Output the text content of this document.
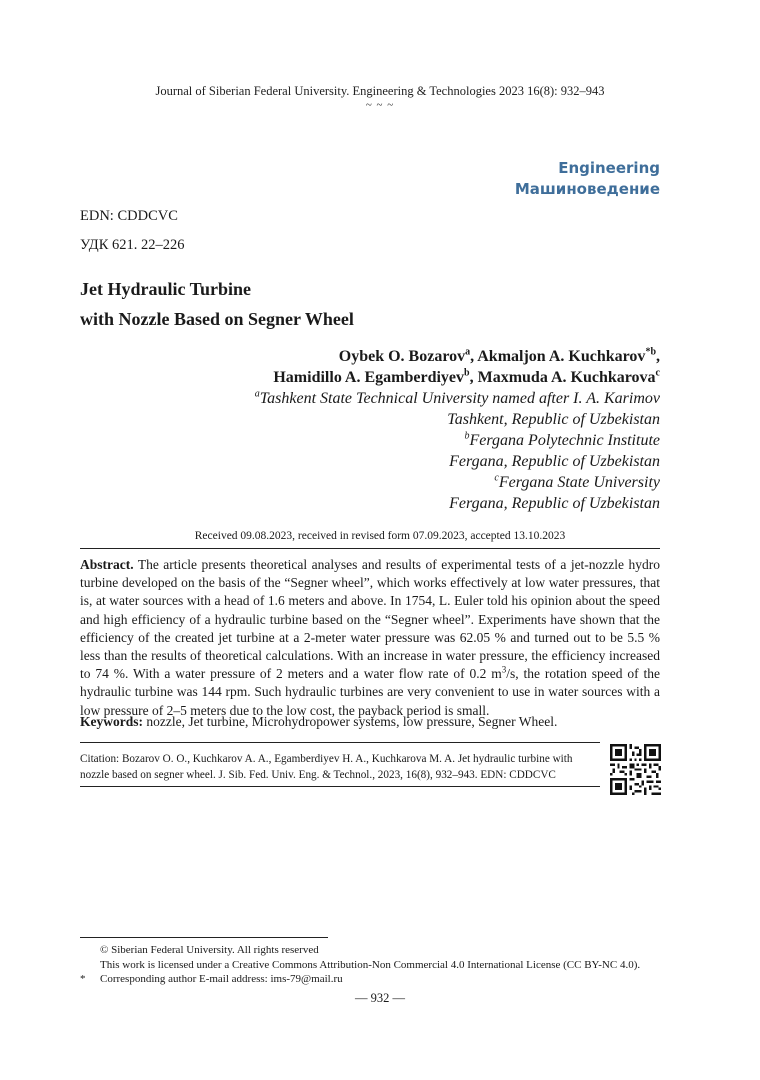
Journal of Siberian Federal University. Engineering & Technologies 2023 16(8): 932–943
~ ~ ~
Engineering
Машиноведение
EDN: CDDCVC
УДК 621. 22–226
Jet Hydraulic Turbine
with Nozzle Based on Segner Wheel
Oybek O. Bozarov$^a$, Akmaljon A. Kuchkarov$^{*b}$,
Hamidillo A. Egamberdiyev$^b$, Maxmuda A. Kuchkarova$^c$
$^a$Tashkent State Technical University named after I. A. Karimov
Tashkent, Republic of Uzbekistan
$^b$Fergana Polytechnic Institute
Fergana, Republic of Uzbekistan
$^c$Fergana State University
Fergana, Republic of Uzbekistan
Received 09.08.2023, received in revised form 07.09.2023, accepted 13.10.2023
Abstract. The article presents theoretical analyses and results of experimental tests of a jet-nozzle hydro turbine developed on the basis of the “Segner wheel”, which works effectively at low water pressures, that is, at water sources with a head of 1.6 meters and above. In 1754, L. Euler told his opinion about the speed and high efficiency of a hydraulic turbine based on the “Segner wheel”. Experiments have shown that the efficiency of the created jet turbine at a 2-meter water pressure was 62.05 % and turned out to be 5.5 % less than the results of theoretical calculations. With an increase in water pressure, the efficiency increased to 74 %. With a water pressure of 2 meters and a water flow rate of 0.2 $m^3/s$, the rotation speed of the hydraulic turbine was 144 rpm. Such hydraulic turbines are very convenient to use in water sources with a low pressure of 2–5 meters due to the low cost, the payback period is small.
Keywords: nozzle, Jet turbine, Microhydropower systems, low pressure, Segner Wheel.
Citation: Bozarov O. O., Kuchkarov A. A., Egamberdiyev H. A., Kuchkarova M. A. Jet hydraulic turbine with nozzle based on segner wheel. J. Sib. Fed. Univ. Eng. & Technol., 2023, 16(8), 932–943. EDN: CDDCVC
© Siberian Federal University. All rights reserved
This work is licensed under a Creative Commons Attribution-Non Commercial 4.0 International License (CC BY-NC 4.0).
* Corresponding author E-mail address: ims-79@mail.ru
— 932 —
